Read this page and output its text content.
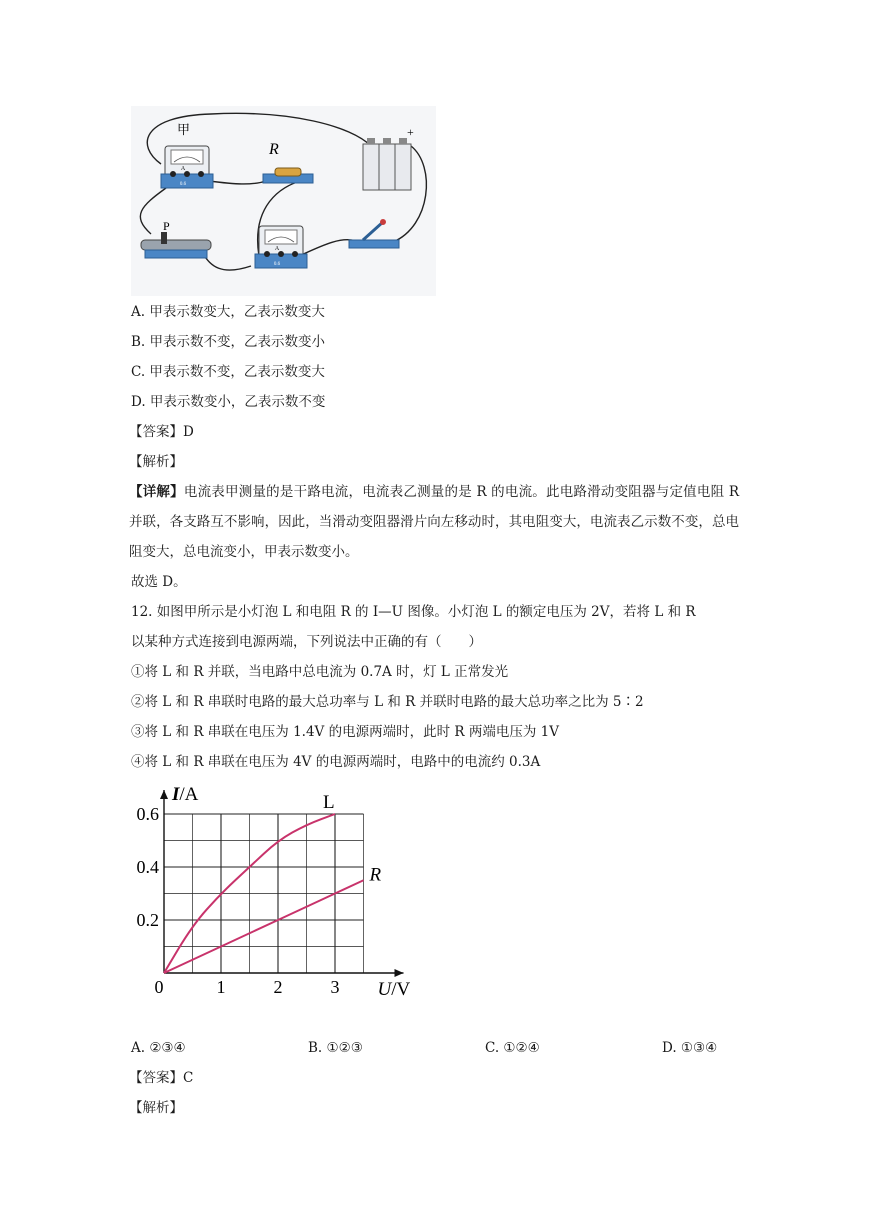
A
0.6
甲
R
+
P
A
0.6
A. 甲表示数变大，乙表示数变大
B. 甲表示数不变，乙表示数变小
C. 甲表示数不变，乙表示数变大
D. 甲表示数变小，乙表示数不变
【答案】D
【解析】
【详解】电流表甲测量的是干路电流，电流表乙测量的是 R 的电流。此电路滑动变阻器与定值电阻 R 并联，各支路互不影响，因此，当滑动变阻器滑片向左移动时，其电阻变大，电流表乙示数不变，总电阻变大，总电流变小，甲表示数变小。
故选 D。
12. 如图甲所示是小灯泡 L 和电阻 R 的 I—U 图像。小灯泡 L 的额定电压为 2V，若将 L 和 R
以某种方式连接到电源两端，下列说法中正确的有（　　）
①将 L 和 R 并联，当电路中总电流为 0.7A 时，灯 L 正常发光
②将 L 和 R 串联时电路的最大总功率与 L 和 R 并联时电路的最大总功率之比为 5∶2
③将 L 和 R 串联在电压为 1.4V 的电源两端时，此时 R 两端电压为 1V
④将 L 和 R 串联在电压为 4V 的电源两端时，电路中的电流约 0.3A
L
R
0	1	2	3
0.2
0.4
0.6
I/A
U/V
A. ②③④	B. ①②③	C. ①②④	D. ①③④
【答案】C
【解析】
